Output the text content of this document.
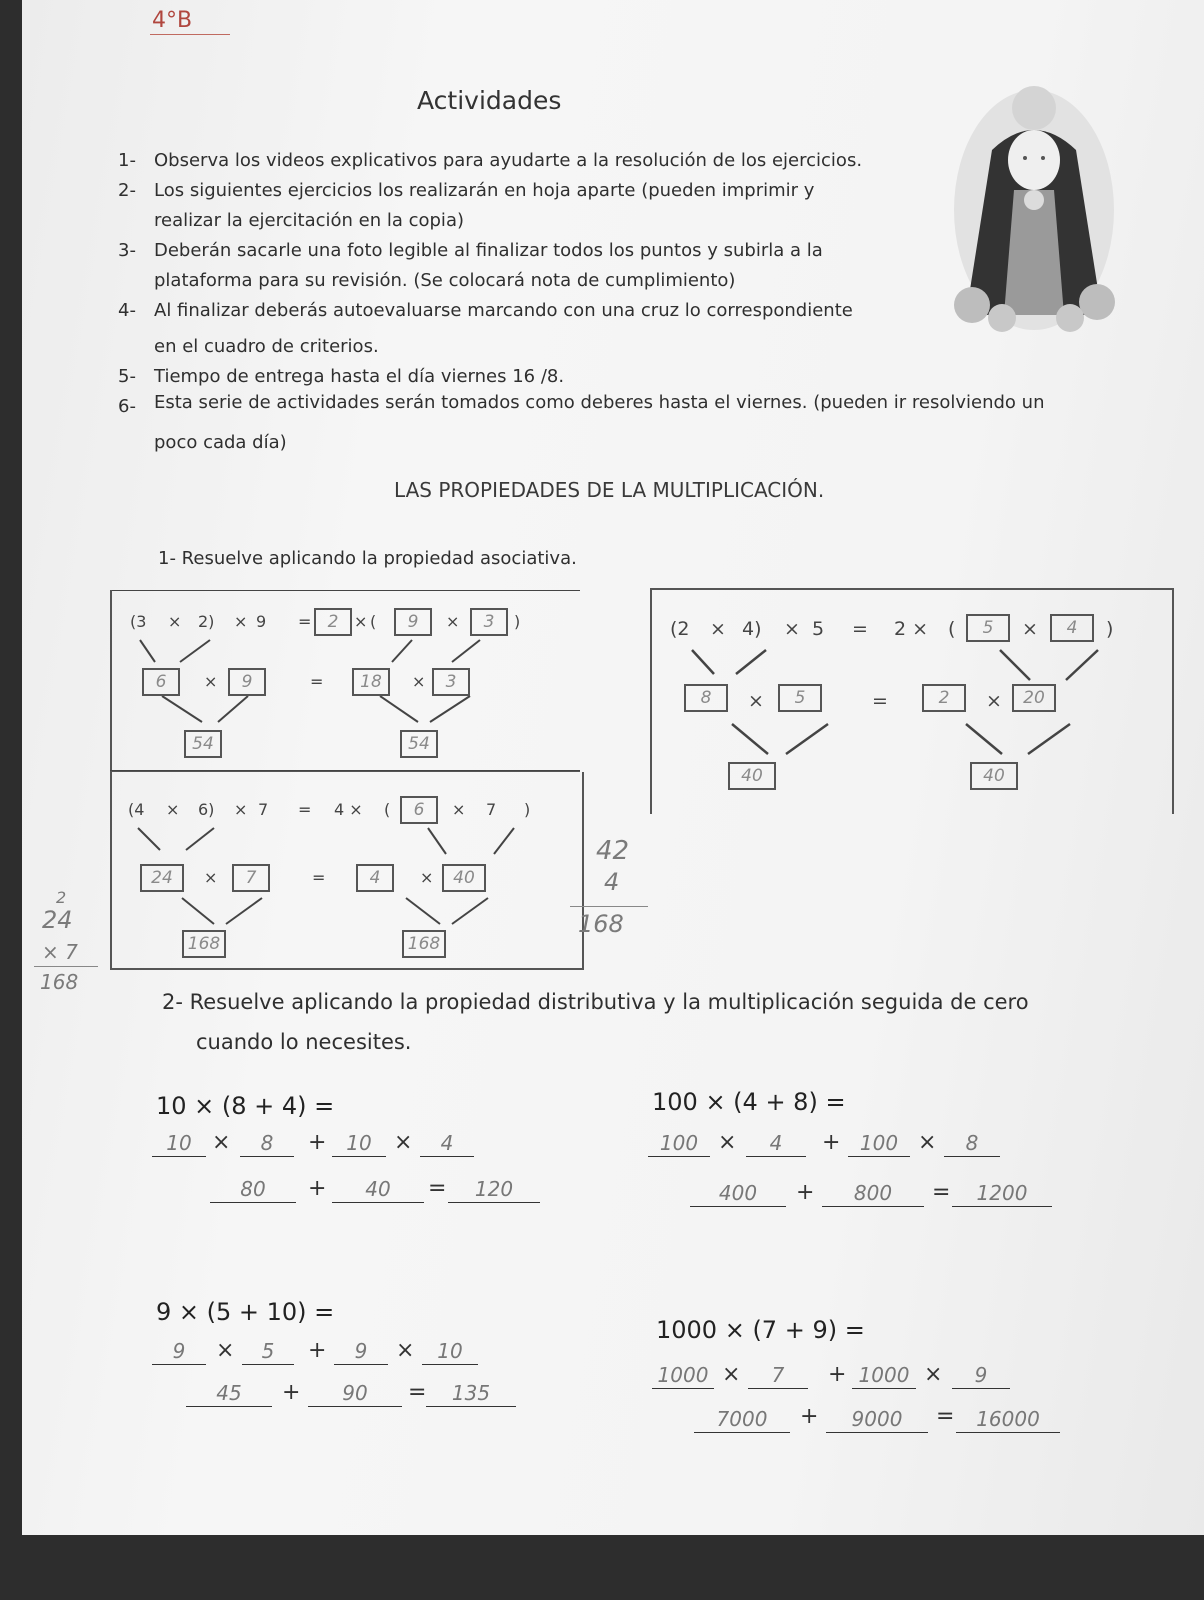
4°B
Actividades
1- Observa los videos explicativos para ayudarte a la resolución de los ejercicios.
2- Los siguientes ejercicios los realizarán en hoja aparte (pueden imprimir y
realizar la ejercitación en la copia)
3- Deberán sacarle una foto legible al finalizar todos los puntos y subirla a la
plataforma para su revisión. (Se colocará nota de cumplimiento)
4- Al finalizar deberás autoevaluarse marcando con una cruz lo correspondiente
en el cuadro de criterios.
5- Tiempo de entrega hasta el día viernes 16 /8.
6- Esta serie de actividades serán tomados como deberes hasta el viernes. (pueden ir resolviendo un
poco cada día)
LAS PROPIEDADES DE LA MULTIPLICACIÓN.
1- Resuelve aplicando la propiedad asociativa.
(3 × 2) × 9 = 2 × (	9	×	3	)
6	×	9	=	18	×	3
54	54
(2 × 4) × 5 = 2 × (	5	×	4	)
8	×	5	=	2	×	20
40	40
(4 × 6) × 7 = 4 × (	6	× 7 )
24	×	7	=	4	×	40
168	168
2
24
× 7
168
42
4
168
2- Resuelve aplicando la propiedad distributiva y la multiplicación seguida de cero
cuando lo necesites.
10 × (8 + 4) =
10 ×	8	+ 10	×	4
80	+	40	=	120
100 × (4 + 8) =
100 ×	4	+ 100 ×	8
400	+	800	=	1200
9 × (5 + 10) =
9	×	5	+	9	×	10
45	+	90	=	135
1000 × (7 + 9) =
1000 ×	7	+ 1000 ×	9
7000	+	9000	=	16000
